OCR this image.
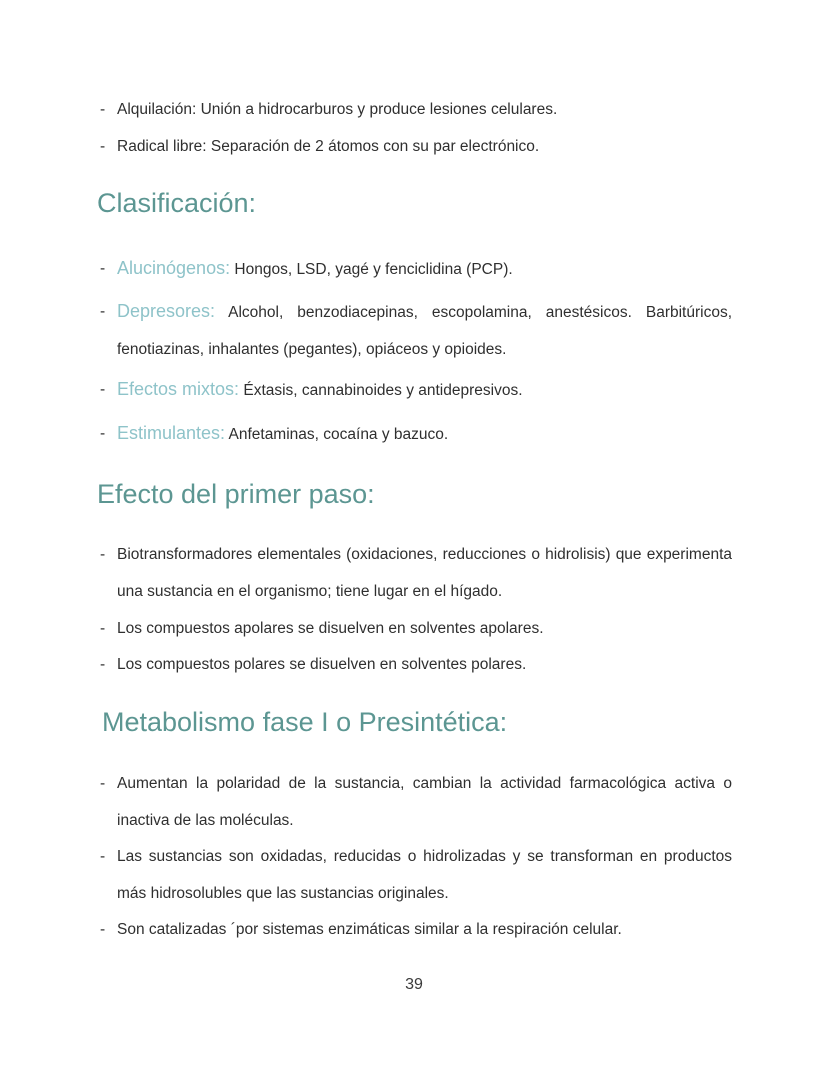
- Alquilación: Unión a hidrocarburos y produce lesiones celulares.
- Radical libre: Separación de 2 átomos con su par electrónico.
Clasificación:
- Alucinógenos: Hongos, LSD, yagé y fenciclidina (PCP).
- Depresores: Alcohol, benzodiacepinas, escopolamina, anestésicos. Barbitúricos, fenotiazinas, inhalantes (pegantes), opiáceos y opioides.
- Efectos mixtos: Éxtasis, cannabinoides y antidepresivos.
- Estimulantes: Anfetaminas, cocaína y bazuco.
Efecto del primer paso:
- Biotransformadores elementales (oxidaciones, reducciones o hidrolisis) que experimenta una sustancia en el organismo; tiene lugar en el hígado.
- Los compuestos apolares se disuelven en solventes apolares.
- Los compuestos polares se disuelven en solventes polares.
Metabolismo fase I o Presintética:
- Aumentan la polaridad de la sustancia, cambian la actividad farmacológica activa o inactiva de las moléculas.
- Las sustancias son oxidadas, reducidas o hidrolizadas y se transforman en productos más hidrosolubles que las sustancias originales.
- Son catalizadas ´por sistemas enzimáticas similar a la respiración celular.
39
